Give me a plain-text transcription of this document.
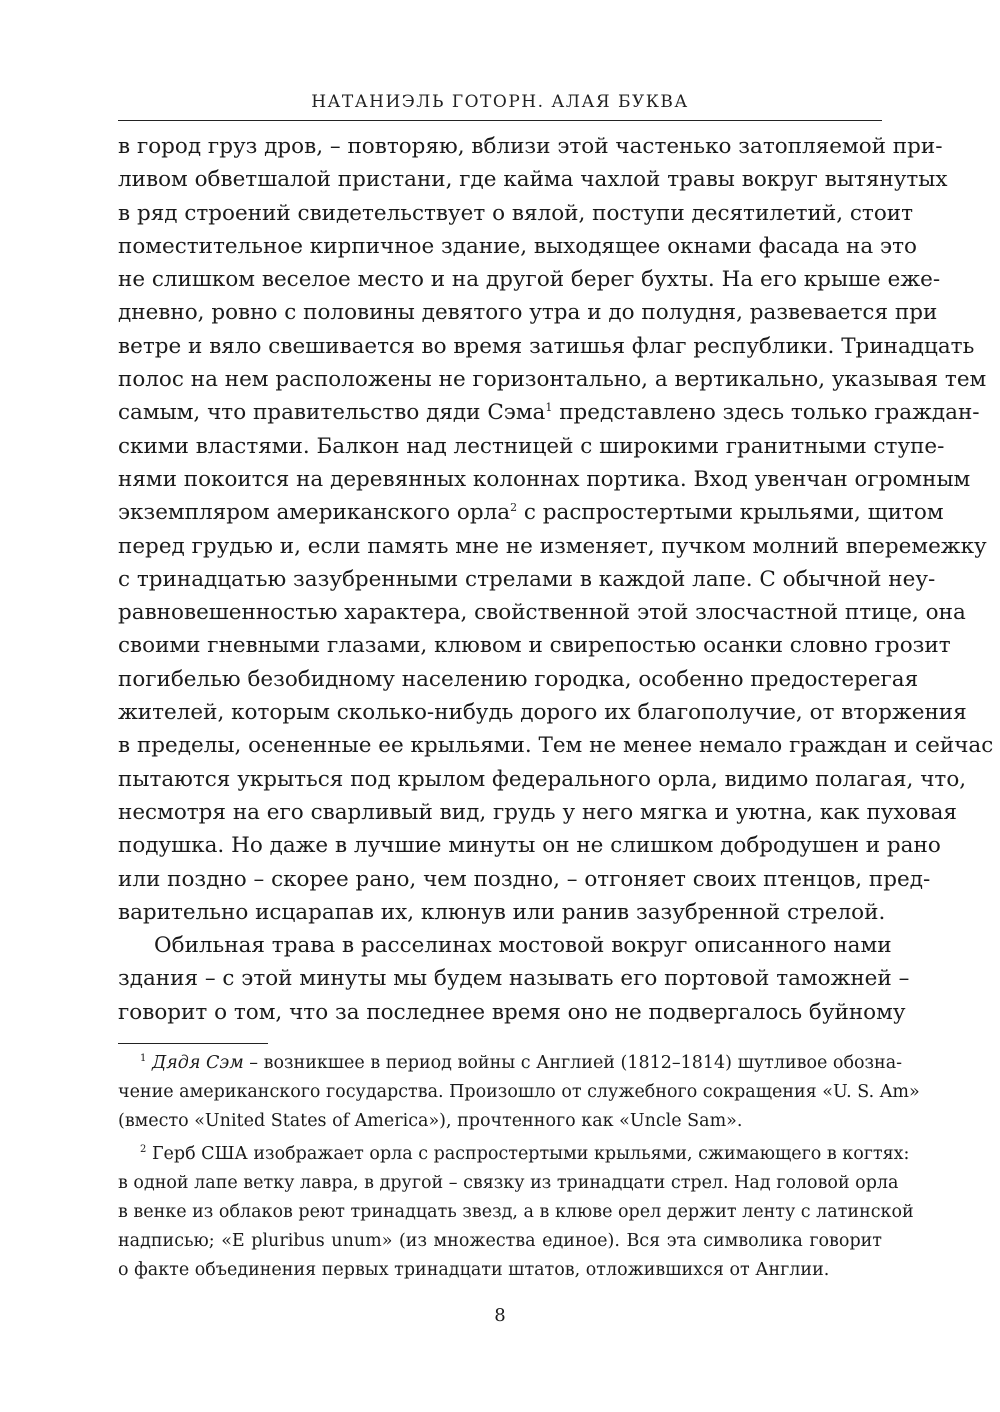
НАТАНИЭЛЬ ГОТОРН. АЛАЯ БУКВА
в город груз дров, – повторяю, вблизи этой частенько затопляемой при-
ливом обветшалой пристани, где кайма чахлой травы вокруг вытянутых
в ряд строений свидетельствует о вялой, поступи десятилетий, стоит
поместительное кирпичное здание, выходящее окнами фасада на это
не слишком веселое место и на другой берег бухты. На его крыше еже-
дневно, ровно с половины девятого утра и до полудня, развевается при
ветре и вяло свешивается во время затишья флаг республики. Тринадцать
полос на нем расположены не горизонтально, а вертикально, указывая тем
самым, что правительство дяди Сэма$^1$ представлено здесь только граждан-
скими властями. Балкон над лестницей с широкими гранитными ступе-
нями покоится на деревянных колоннах портика. Вход увенчан огромным
экземпляром американского орла$^2$ с распростертыми крыльями, щитом
перед грудью и, если память мне не изменяет, пучком молний вперемежку
с тринадцатью зазубренными стрелами в каждой лапе. С обычной неу-
равновешенностью характера, свойственной этой злосчастной птице, она
своими гневными глазами, клювом и свирепостью осанки словно грозит
погибелью безобидному населению городка, особенно предостерегая
жителей, которым сколько-нибудь дорого их благополучие, от вторжения
в пределы, осененные ее крыльями. Тем не менее немало граждан и сейчас
пытаются укрыться под крылом федерального орла, видимо полагая, что,
несмотря на его сварливый вид, грудь у него мягка и уютна, как пуховая
подушка. Но даже в лучшие минуты он не слишком добродушен и рано
или поздно – скорее рано, чем поздно, – отгоняет своих птенцов, пред-
варительно исцарапав их, клюнув или ранив зазубренной стрелой.
Обильная трава в расселинах мостовой вокруг описанного нами
здания – с этой минуты мы будем называть его портовой таможней –
говорит о том, что за последнее время оно не подвергалось буйному
$^1$ Дядя Сэм – возникшее в период войны с Англией (1812–1814) шутливое обозна-
чение американского государства. Произошло от служебного сокращения «U. S. Am»
(вместо «United States of America»), прочтенного как «Uncle Sam».
$^2$ Герб США изображает орла с распростертыми крыльями, сжимающего в когтях:
в одной лапе ветку лавра, в другой – связку из тринадцати стрел. Над головой орла
в венке из облаков реют тринадцать звезд, а в клюве орел держит ленту с латинской
надписью; «E pluribus unum» (из множества единое). Вся эта символика говорит
о факте объединения первых тринадцати штатов, отложившихся от Англии.
8
